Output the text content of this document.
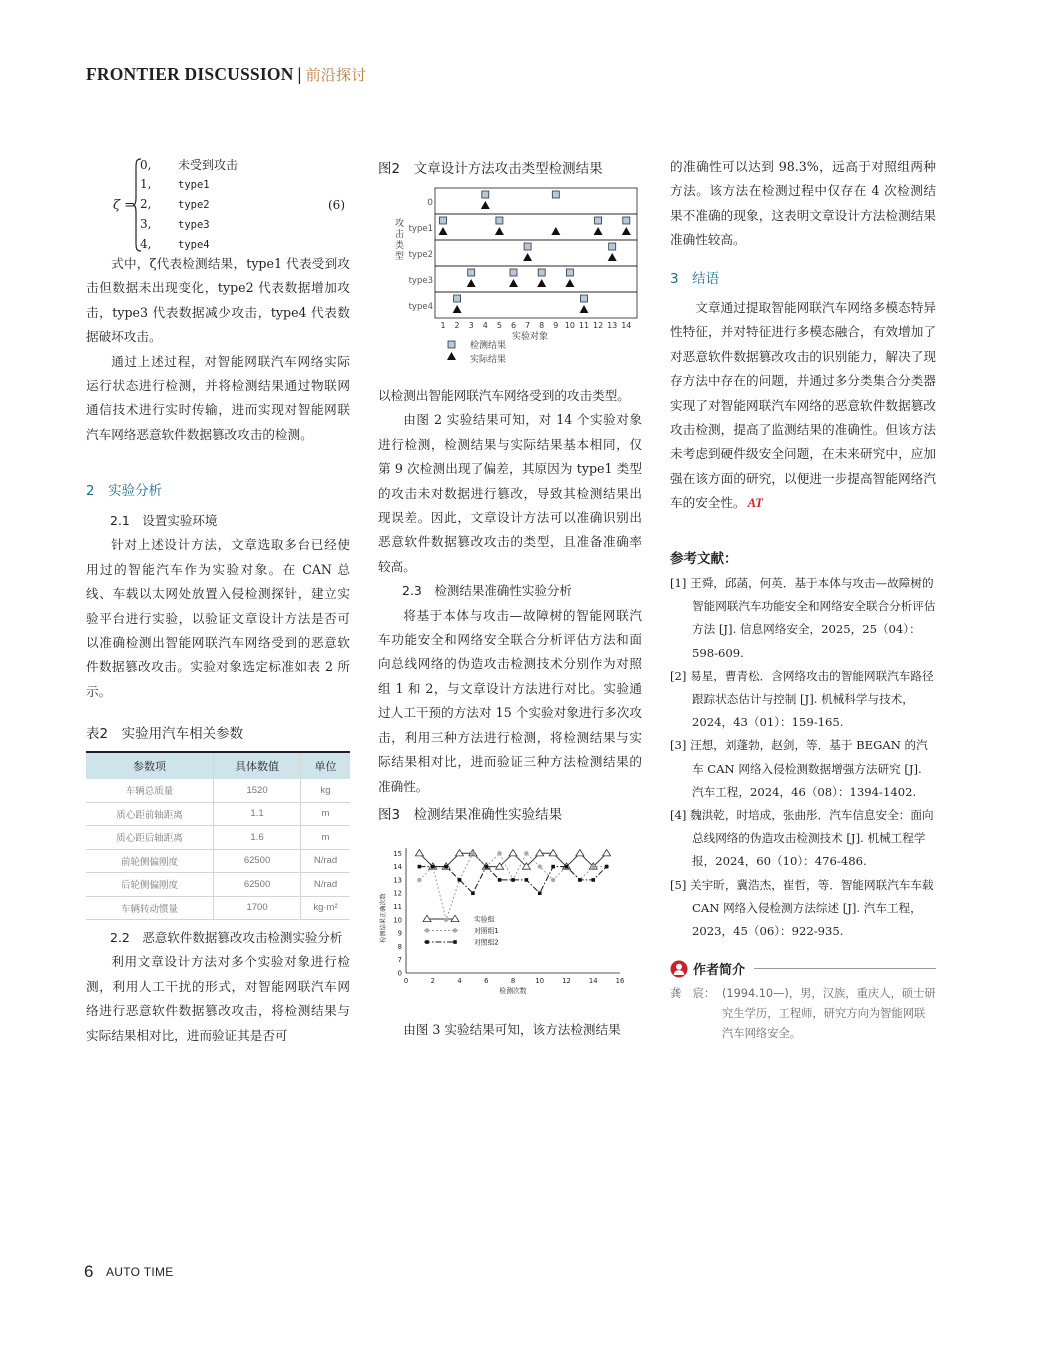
FRONTIER DISCUSSION | 前沿探讨
ζ =
0, 未受到攻击
1,	type1
2,	type2
3,	type3
4,	type4
(6)

式中，ζ代表检测结果，type1 代表受到攻击但数据未出现变化，type2 代表数据增加攻击，type3 代表数据减少攻击，type4 代表数据破坏攻击。

通过上述过程，对智能网联汽车网络实际运行状态进行检测，并将检测结果通过物联网通信技术进行实时传输，进而实现对智能网联汽车网络恶意软件数据篡改攻击的检测。

2　实验分析

2.1　设置实验环境

针对上述设计方法，文章选取多台已经使用过的智能汽车作为实验对象。在 CAN 总线、车载以太网处放置入侵检测探针，建立实验平台进行实验，以验证文章设计方法是否可以准确检测出智能网联汽车网络受到的恶意软件数据篡改攻击。实验对象选定标准如表 2 所示。

表2　实验用汽车相关参数
参数项	具体数值	单位
车辆总质量	1520	kg
质心距前轴距离	1.1	m
质心距后轴距离	1.6	m
前轮侧偏刚度	62500	N/rad
后轮侧偏刚度	62500	N/rad
车辆转动惯量	1700	kg·m²

2.2　恶意软件数据篡改攻击检测实验分析

利用文章设计方法对多个实验对象进行检测，利用人工干扰的形式，对智能网联汽车网络进行恶意软件数据篡改攻击，将检测结果与实际结果相对比，进而验证其是否可

图2　文章设计方法攻击类型检测结果
0
type1
type2
type3
type4
攻击类型
1 2 3 4 5 6 7 8 9 10 11 12 13 14
实验对象
检测结果
实际结果

以检测出智能网联汽车网络受到的攻击类型。

由图 2 实验结果可知，对 14 个实验对象进行检测，检测结果与实际结果基本相同，仅第 9 次检测出现了偏差，其原因为 type1 类型的攻击未对数据进行篡改，导致其检测结果出现误差。因此，文章设计方法可以准确识别出恶意软件数据篡改攻击的类型，且准备准确率较高。

2.3　检测结果准确性实验分析

将基于本体与攻击—故障树的智能网联汽车功能安全和网络安全联合分析评估方法和面向总线网络的伪造攻击检测技术分别作为对照组 1 和 2，与文章设计方法进行对比。实验通过人工干预的方法对 15 个实验对象进行多次攻击，利用三种方法进行检测，将检测结果与实际结果相对比，进而验证三种方法检测结果的准确性。

图3　检测结果准确性实验结果
0
7
8
9
10
11
12
13
14
15
0	2	4	6	8	10	12	14	16
检测次数
检测结果正确次数	实验组
对照组1
对照组2

由图 3 实验结果可知，该方法检测结果

的准确性可以达到 98.3%，远高于对照组两种方法。该方法在检测过程中仅存在 4 次检测结果不准确的现象，这表明文章设计方法检测结果准确性较高。

3　结语

文章通过提取智能网联汽车网络多模态特异性特征，并对特征进行多模态融合，有效增加了对恶意软件数据篡改攻击的识别能力，解决了现存方法中存在的问题，并通过多分类集合分类器实现了对智能网联汽车网络的恶意软件数据篡改攻击检测，提高了监测结果的准确性。但该方法未考虑到硬件级安全问题，在未来研究中，应加强在该方面的研究，以便进一步提高智能网络汽车的安全性。 AT

参考文献：

[1] 王舜，邱菡，何英．基于本体与攻击—故障树的智能网联汽车功能安全和网络安全联合分析评估方法 [J]. 信息网络安全，2025，25（04）：598-609.

[2] 易星，曹青松．含网络攻击的智能网联汽车路径跟踪状态估计与控制 [J]. 机械科学与技术，2024，43（01）：159-165.

[3] 汪想，刘蓬勃，赵剑，等．基于 BEGAN 的汽车 CAN 网络入侵检测数据增强方法研究 [J]. 汽车工程，2024，46（08）：1394-1402.

[4] 魏洪乾，时培成，张曲彤．汽车信息安全：面向总线网络的伪造攻击检测技术 [J]. 机械工程学报，2024，60（10）：476-486.

[5] 关宇昕，冀浩杰，崔哲，等．智能网联汽车车载 CAN 网络入侵检测方法综述 [J]. 汽车工程，2023，45（06）：922-935.

作者简介
龚　宸： (1994.10—)，男，汉族，重庆人，硕士研究生学历，工程师，研究方向为智能网联汽车网络安全。
6 AUTO TIME
